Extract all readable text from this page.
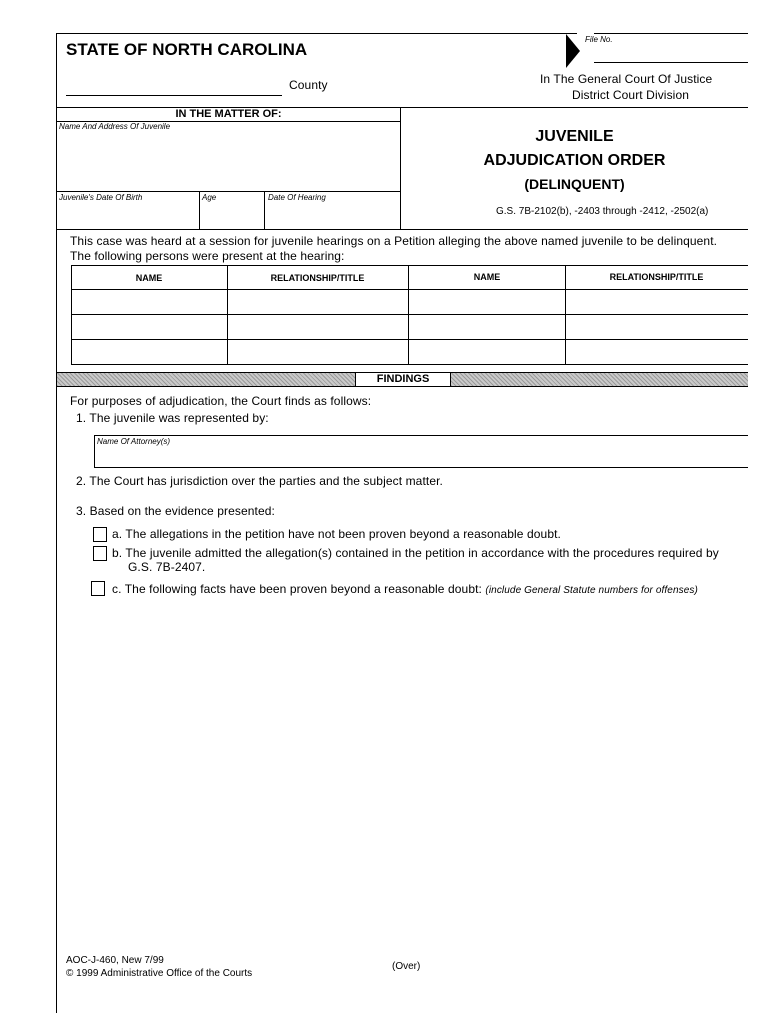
File No.
STATE OF NORTH CAROLINA
County	In The General Court Of Justice
District Court Division
IN THE MATTER OF:
Name And Address Of Juvenile
Juvenile's Date Of Birth	Age	Date Of Hearing
JUVENILE
ADJUDICATION ORDER
(DELINQUENT)
G.S. 7B-2102(b), -2403 through -2412, -2502(a)
This case was heard at a session for juvenile hearings on a Petition alleging the above named juvenile to be delinquent.
The following persons were present at the hearing:
NAME	RELATIONSHIP/TITLE	NAME	RELATIONSHIP/TITLE
FINDINGS
For purposes of adjudication, the Court finds as follows:
1. The juvenile was represented by:
Name Of Attorney(s)
2. The Court has jurisdiction over the parties and the subject matter.
3. Based on the evidence presented:
a. The allegations in the petition have not been proven beyond a reasonable doubt.
b. The juvenile admitted the allegation(s) contained in the petition in accordance with the procedures required by
G.S. 7B-2407.
c. The following facts have been proven beyond a reasonable doubt: (include General Statute numbers for offenses)
AOC-J-460, New 7/99
© 1999 Administrative Office of the Courts
(Over)
